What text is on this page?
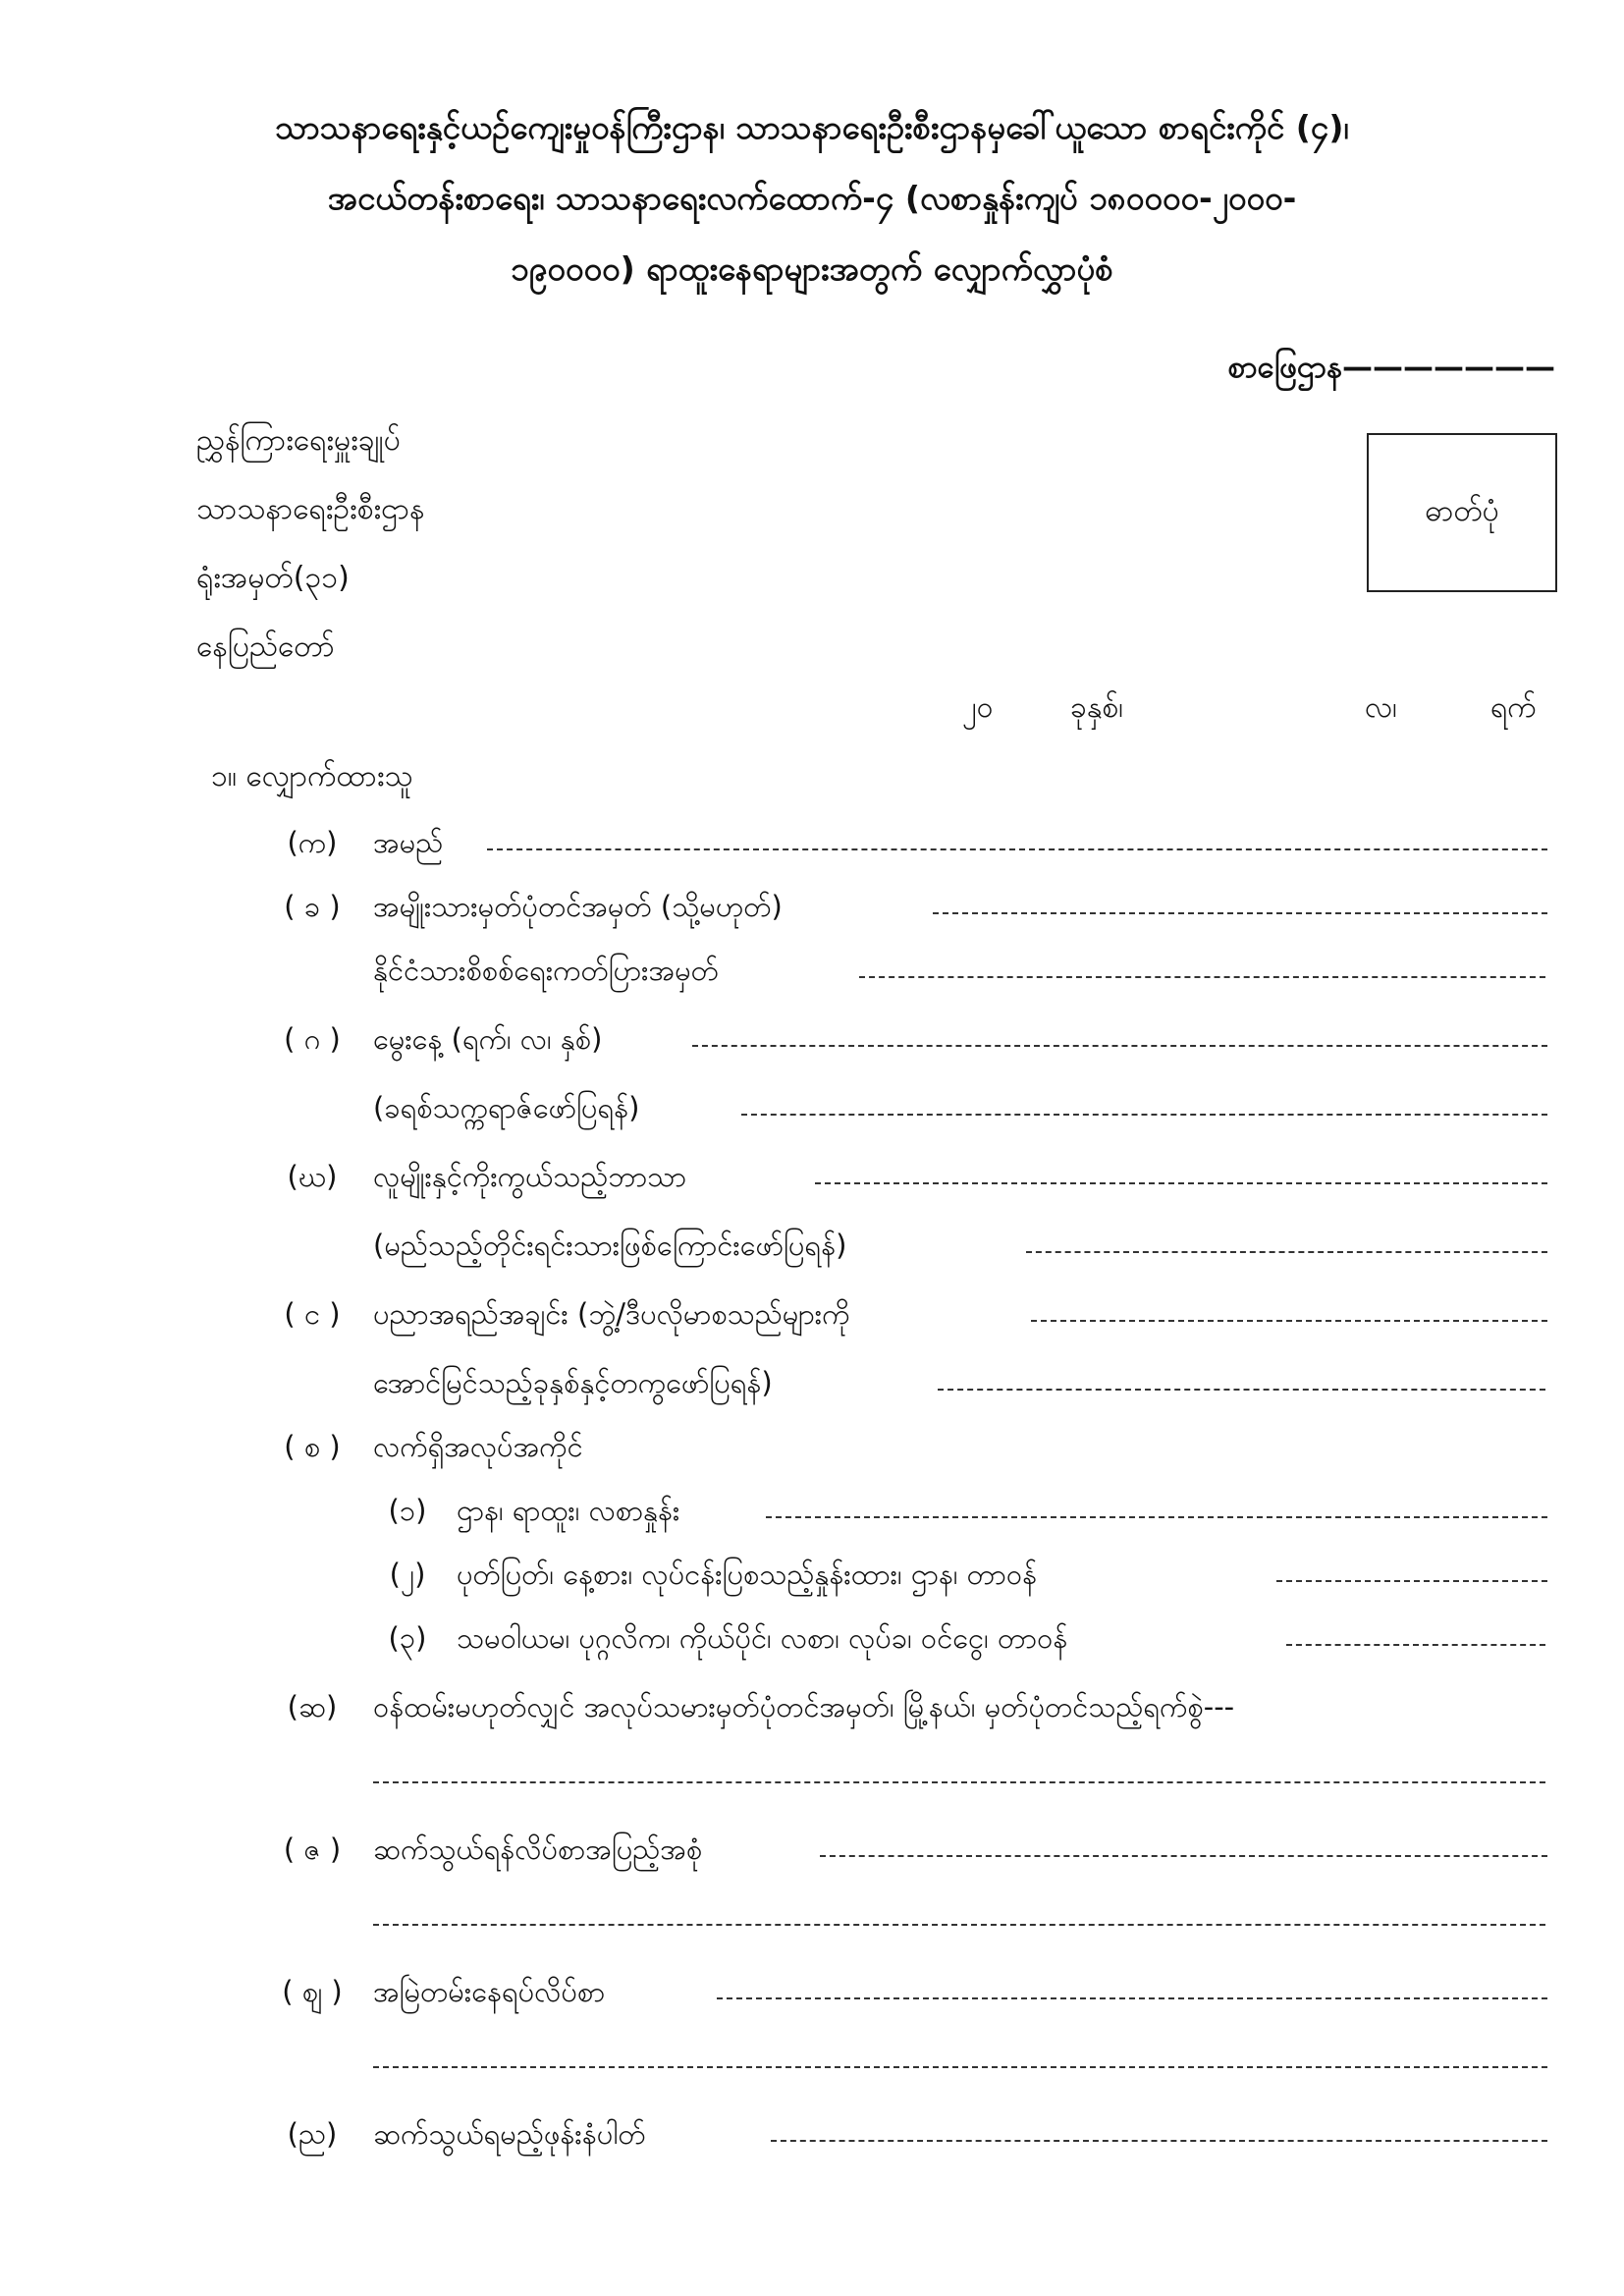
သာသနာရေးနှင့်ယဉ်ကျေးမှုဝန်ကြီးဌာန၊ သာသနာရေးဦးစီးဌာနမှခေါ်ယူသော စာရင်းကိုင် (၄)၊
အငယ်တန်းစာရေး၊ သာသနာရေးလက်ထောက်-၄ (လစာနှုန်းကျပ် ၁၈၀၀၀၀-၂၀၀၀-
၁၉၀၀၀၀) ရာထူးနေရာများအတွက် လျှောက်လွှာပုံစံ
စာဖြေဌာန———————
ညွှန်ကြားရေးမှူးချုပ်
သာသနာရေးဦးစီးဌာန
ရုံးအမှတ်(၃၁)
နေပြည်တော်
ဓာတ်ပုံ
၂၀	ခုနှစ်၊	လ၊	ရက်
၁။ လျှောက်ထားသူ
(က)	အမည်
( ခ )	အမျိုးသားမှတ်ပုံတင်အမှတ် (သို့မဟုတ်)
နိုင်ငံသားစိစစ်ရေးကတ်ပြားအမှတ်
( ဂ )	မွေးနေ့ (ရက်၊ လ၊ နှစ်)
(ခရစ်သက္ကရာဇ်ဖော်ပြရန်)
(ဃ)	လူမျိုးနှင့်ကိုးကွယ်သည့်ဘာသာ
(မည်သည့်တိုင်းရင်းသားဖြစ်ကြောင်းဖော်ပြရန်)
( င )	ပညာအရည်အချင်း (ဘွဲ့/ဒီပလိုမာစသည်များကို
အောင်မြင်သည့်ခုနှစ်နှင့်တကွဖော်ပြရန်)
( စ )	လက်ရှိအလုပ်အကိုင်
(၁)	ဌာန၊ ရာထူး၊ လစာနှုန်း
(၂)	ပုတ်ပြတ်၊ နေ့စား၊ လုပ်ငန်းပြစသည့်နှုန်းထား၊ ဌာန၊ တာဝန်
(၃)	သမဝါယမ၊ ပုဂ္ဂလိက၊ ကိုယ်ပိုင်၊ လစာ၊ လုပ်ခ၊ ဝင်ငွေ၊ တာဝန်
(ဆ)	ဝန်ထမ်းမဟုတ်လျှင် အလုပ်သမားမှတ်ပုံတင်အမှတ်၊ မြို့နယ်၊ မှတ်ပုံတင်သည့်ရက်စွဲ---
( ဇ )	ဆက်သွယ်ရန်လိပ်စာအပြည့်အစုံ
( ဈ )	အမြဲတမ်းနေရပ်လိပ်စာ
(ည)	ဆက်သွယ်ရမည့်ဖုန်းနံပါတ်
